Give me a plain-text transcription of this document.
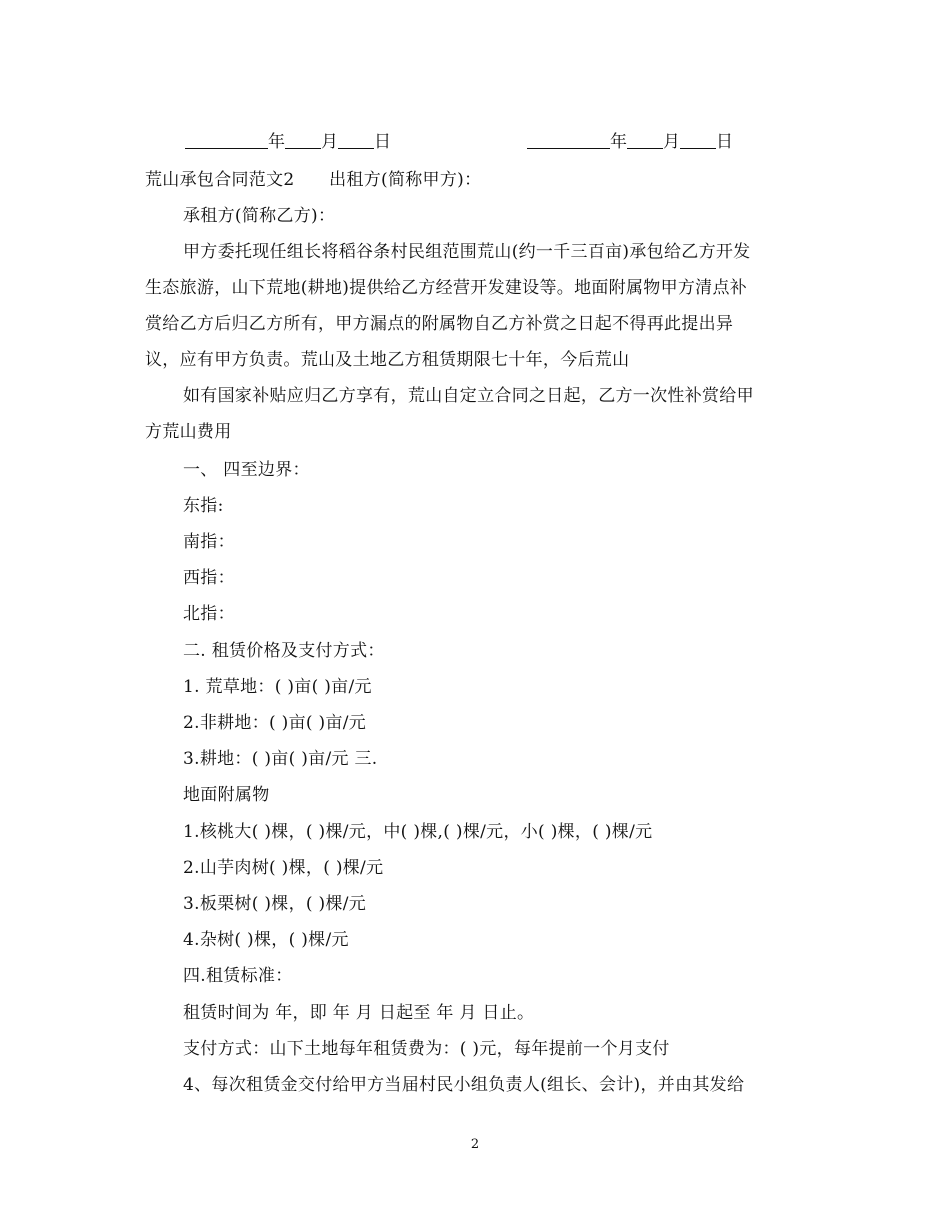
年 月 日	年 月 日
荒山承包合同范文2　　出租方(简称甲方)：
承租方(简称乙方)：
甲方委托现任组长将稻谷条村民组范围荒山(约一千三百亩)承包给乙方开发
生态旅游，山下荒地(耕地)提供给乙方经营开发建设等。地面附属物甲方清点补
赏给乙方后归乙方所有，甲方漏点的附属物自乙方补赏之日起不得再此提出异
议，应有甲方负责。荒山及土地乙方租赁期限七十年，今后荒山
如有国家补贴应归乙方享有，荒山自定立合同之日起，乙方一次性补赏给甲
方荒山费用
一、 四至边界：
东指:
南指：
西指：
北指：
二. 租赁价格及支付方式：
1. 荒草地：( )亩( )亩/元
2.非耕地：( )亩( )亩/元
3.耕地：( )亩( )亩/元 三.
地面附属物
1.核桃大( )棵，( )棵/元，中( )棵,( )棵/元，小( )棵，( )棵/元
2.山芋肉树( )棵，( )棵/元
3.板栗树( )棵，( )棵/元
4.杂树( )棵，( )棵/元
四.租赁标准：
租赁时间为 年，即 年 月 日起至 年 月 日止。
支付方式：山下土地每年租赁费为：( )元，每年提前一个月支付
4、每次租赁金交付给甲方当届村民小组负责人(组长、会计)，并由其发给
2
